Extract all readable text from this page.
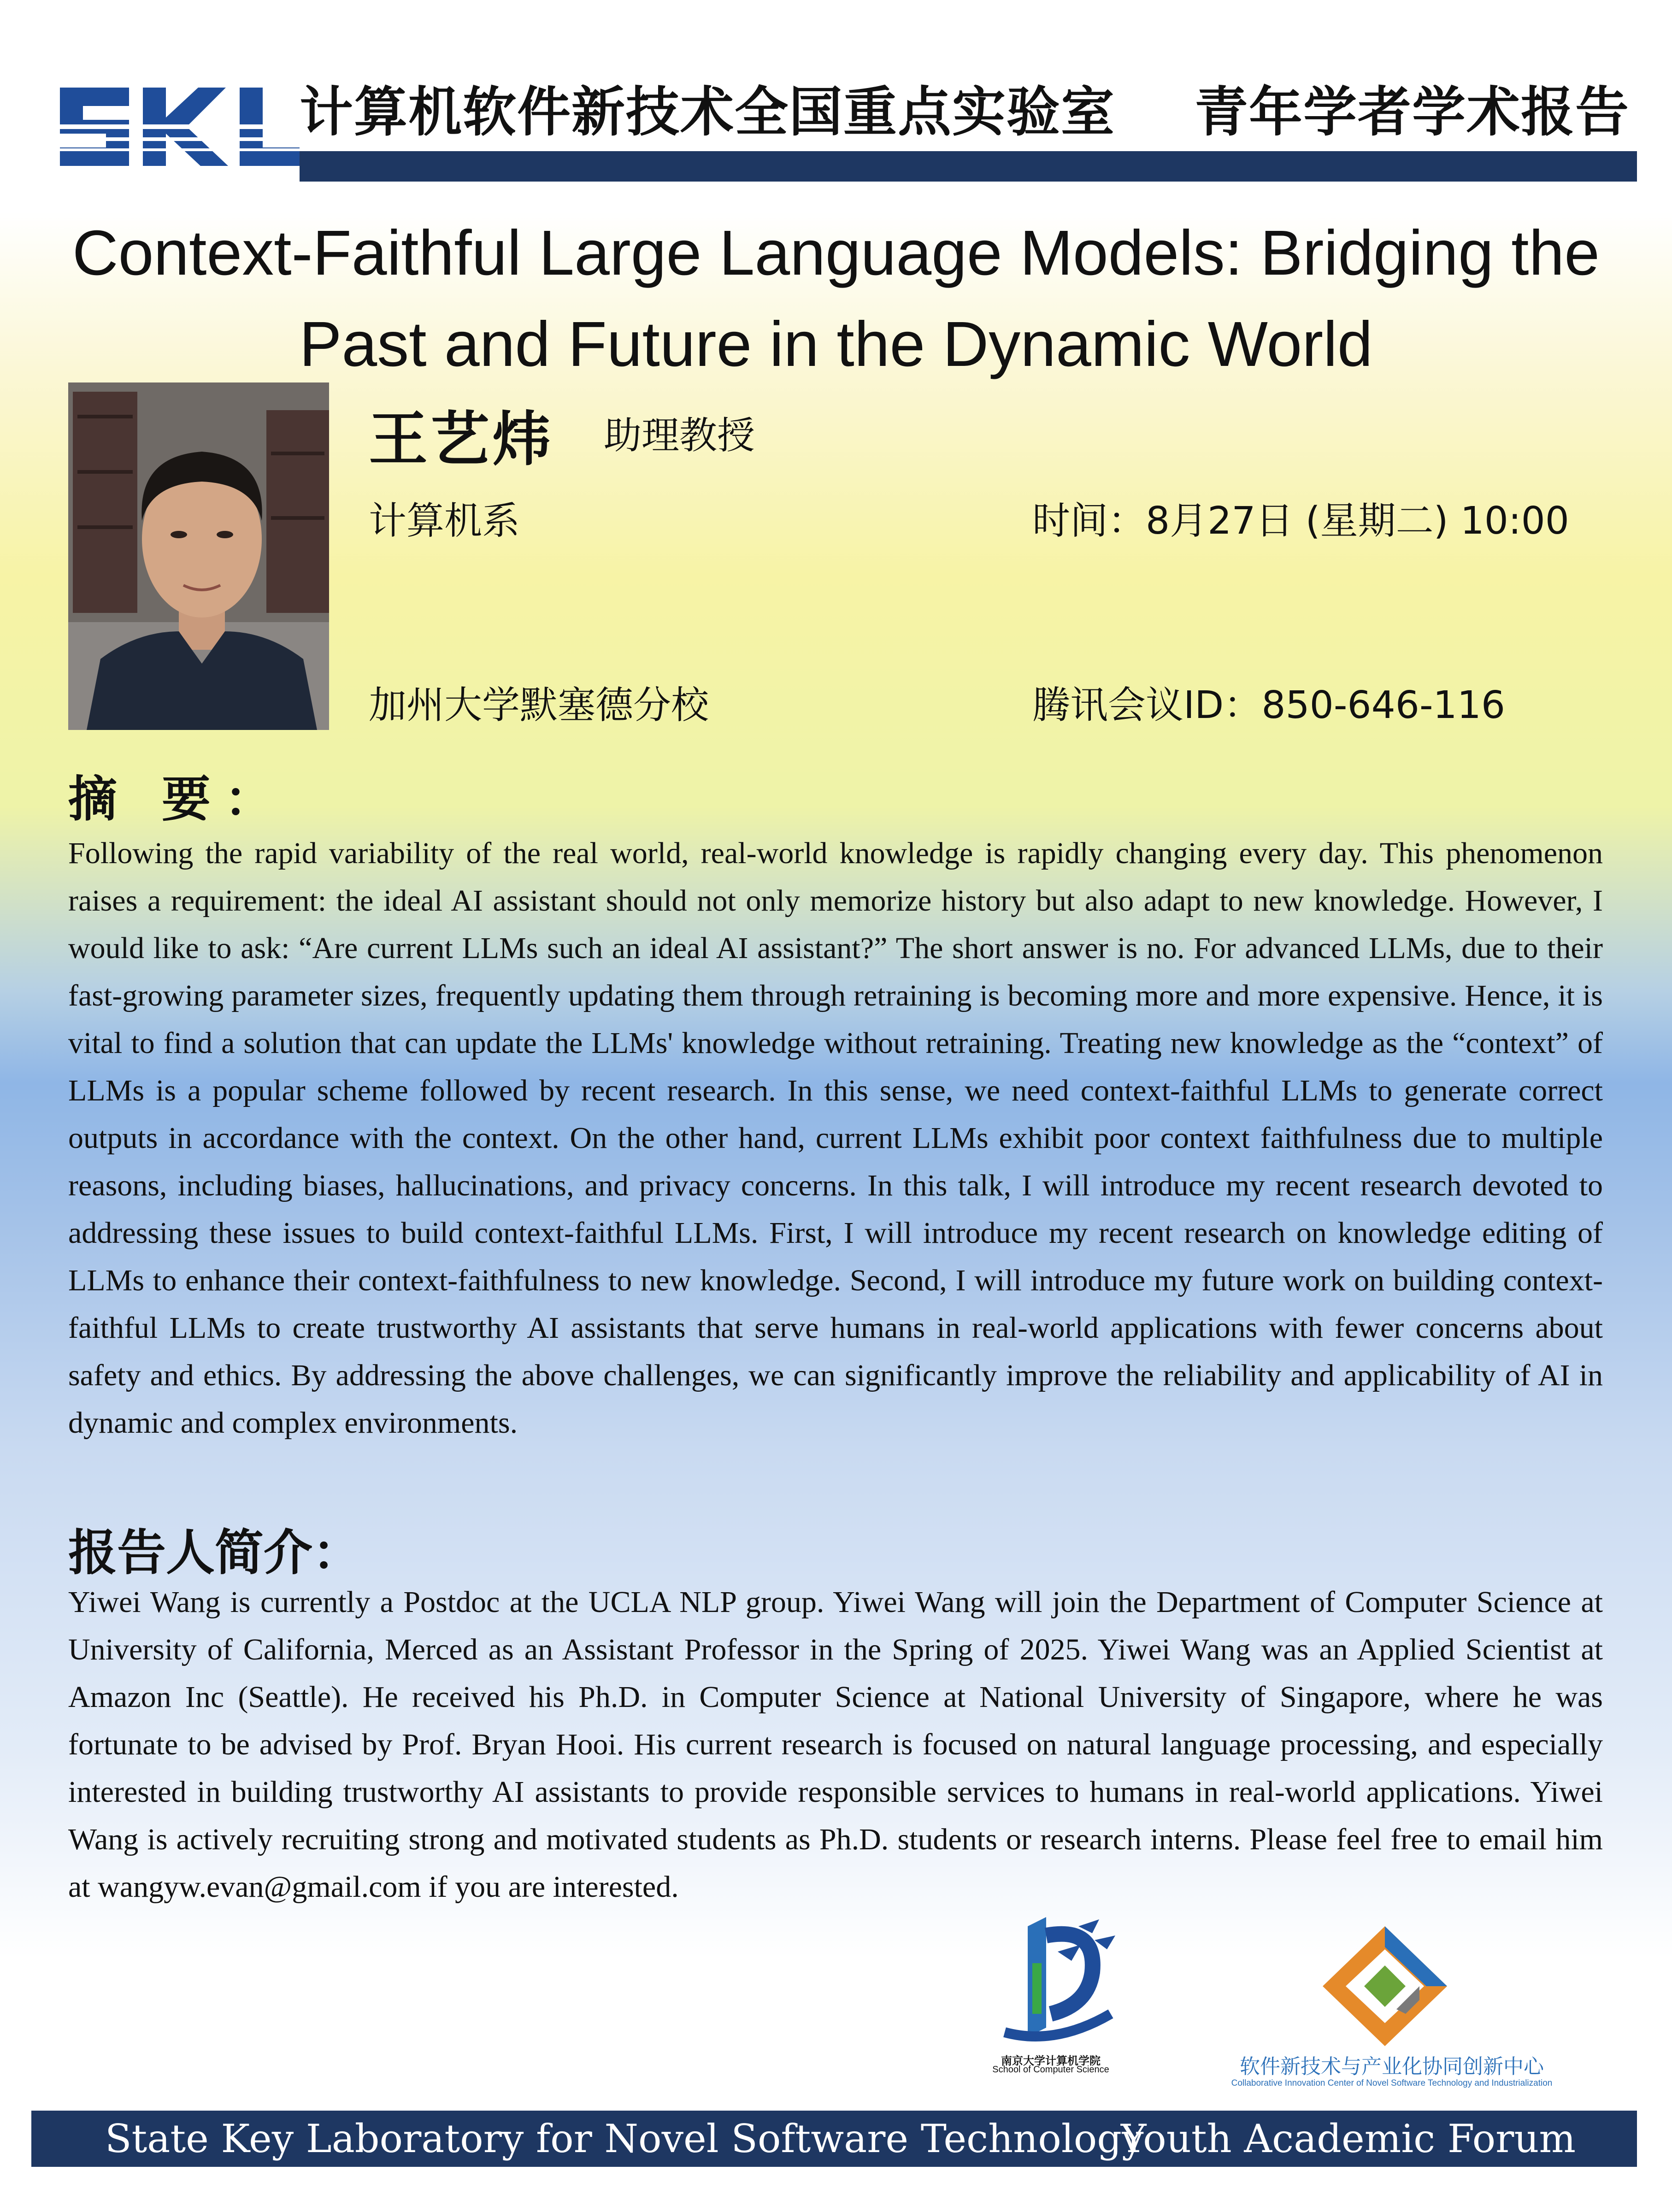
计算机软件新技术全国重点实验室 青年学者学术报告
Context-Faithful Large Language Models: Bridging the Past and Future in the Dynamic World
王艺炜 助理教授
计算机系
加州大学默塞德分校
时间：8月27日 (星期二) 10:00
腾讯会议ID：850-646-116
摘 要：

Following the rapid variability of the real world, real-world knowledge is rapidly changing every day. This phenomenon raises a requirement: the ideal AI assistant should not only memorize history but also adapt to new knowledge. However, I would like to ask: “Are current LLMs such an ideal AI assistant?” The short answer is no. For advanced LLMs, due to their fast-growing parameter sizes, frequently updating them through retraining is becoming more and more expensive. Hence, it is vital to find a solution that can update the LLMs' knowledge without retraining. Treating new knowledge as the “context” of LLMs is a popular scheme followed by recent research. In this sense, we need context-faithful LLMs to generate correct outputs in accordance with the context. On the other hand, current LLMs exhibit poor context faithfulness due to multiple reasons, including biases, hallucinations, and privacy concerns. In this talk, I will introduce my recent research devoted to addressing these issues to build context-faithful LLMs. First, I will introduce my recent research on knowledge editing of LLMs to enhance their context-faithfulness to new knowledge. Second, I will introduce my future work on building context-faithful LLMs to create trustworthy AI assistants that serve humans in real-world applications with fewer concerns about safety and ethics. By addressing the above challenges, we can significantly improve the reliability and applicability of AI in dynamic and complex environments.

报告人简介：

Yiwei Wang is currently a Postdoc at the UCLA NLP group. Yiwei Wang will join the Department of Computer Science at University of California, Merced as an Assistant Professor in the Spring of 2025. Yiwei Wang was an Applied Scientist at Amazon Inc (Seattle). He received his Ph.D. in Computer Science at National University of Singapore, where he was fortunate to be advised by Prof. Bryan Hooi. His current research is focused on natural language processing, and especially interested in building trustworthy AI assistants to provide responsible services to humans in real-world applications. Yiwei Wang is actively recruiting strong and motivated students as Ph.D. students or research interns. Please feel free to email him at wangyw.evan@gmail.com if you are interested.

南京大学计算机学院
School of Computer Science	软件新技术与产业化协同创新中心
Collaborative Innovation Center of Novel Software Technology and Industrialization
State Key Laboratory for Novel Software Technology
Youth Academic Forum
